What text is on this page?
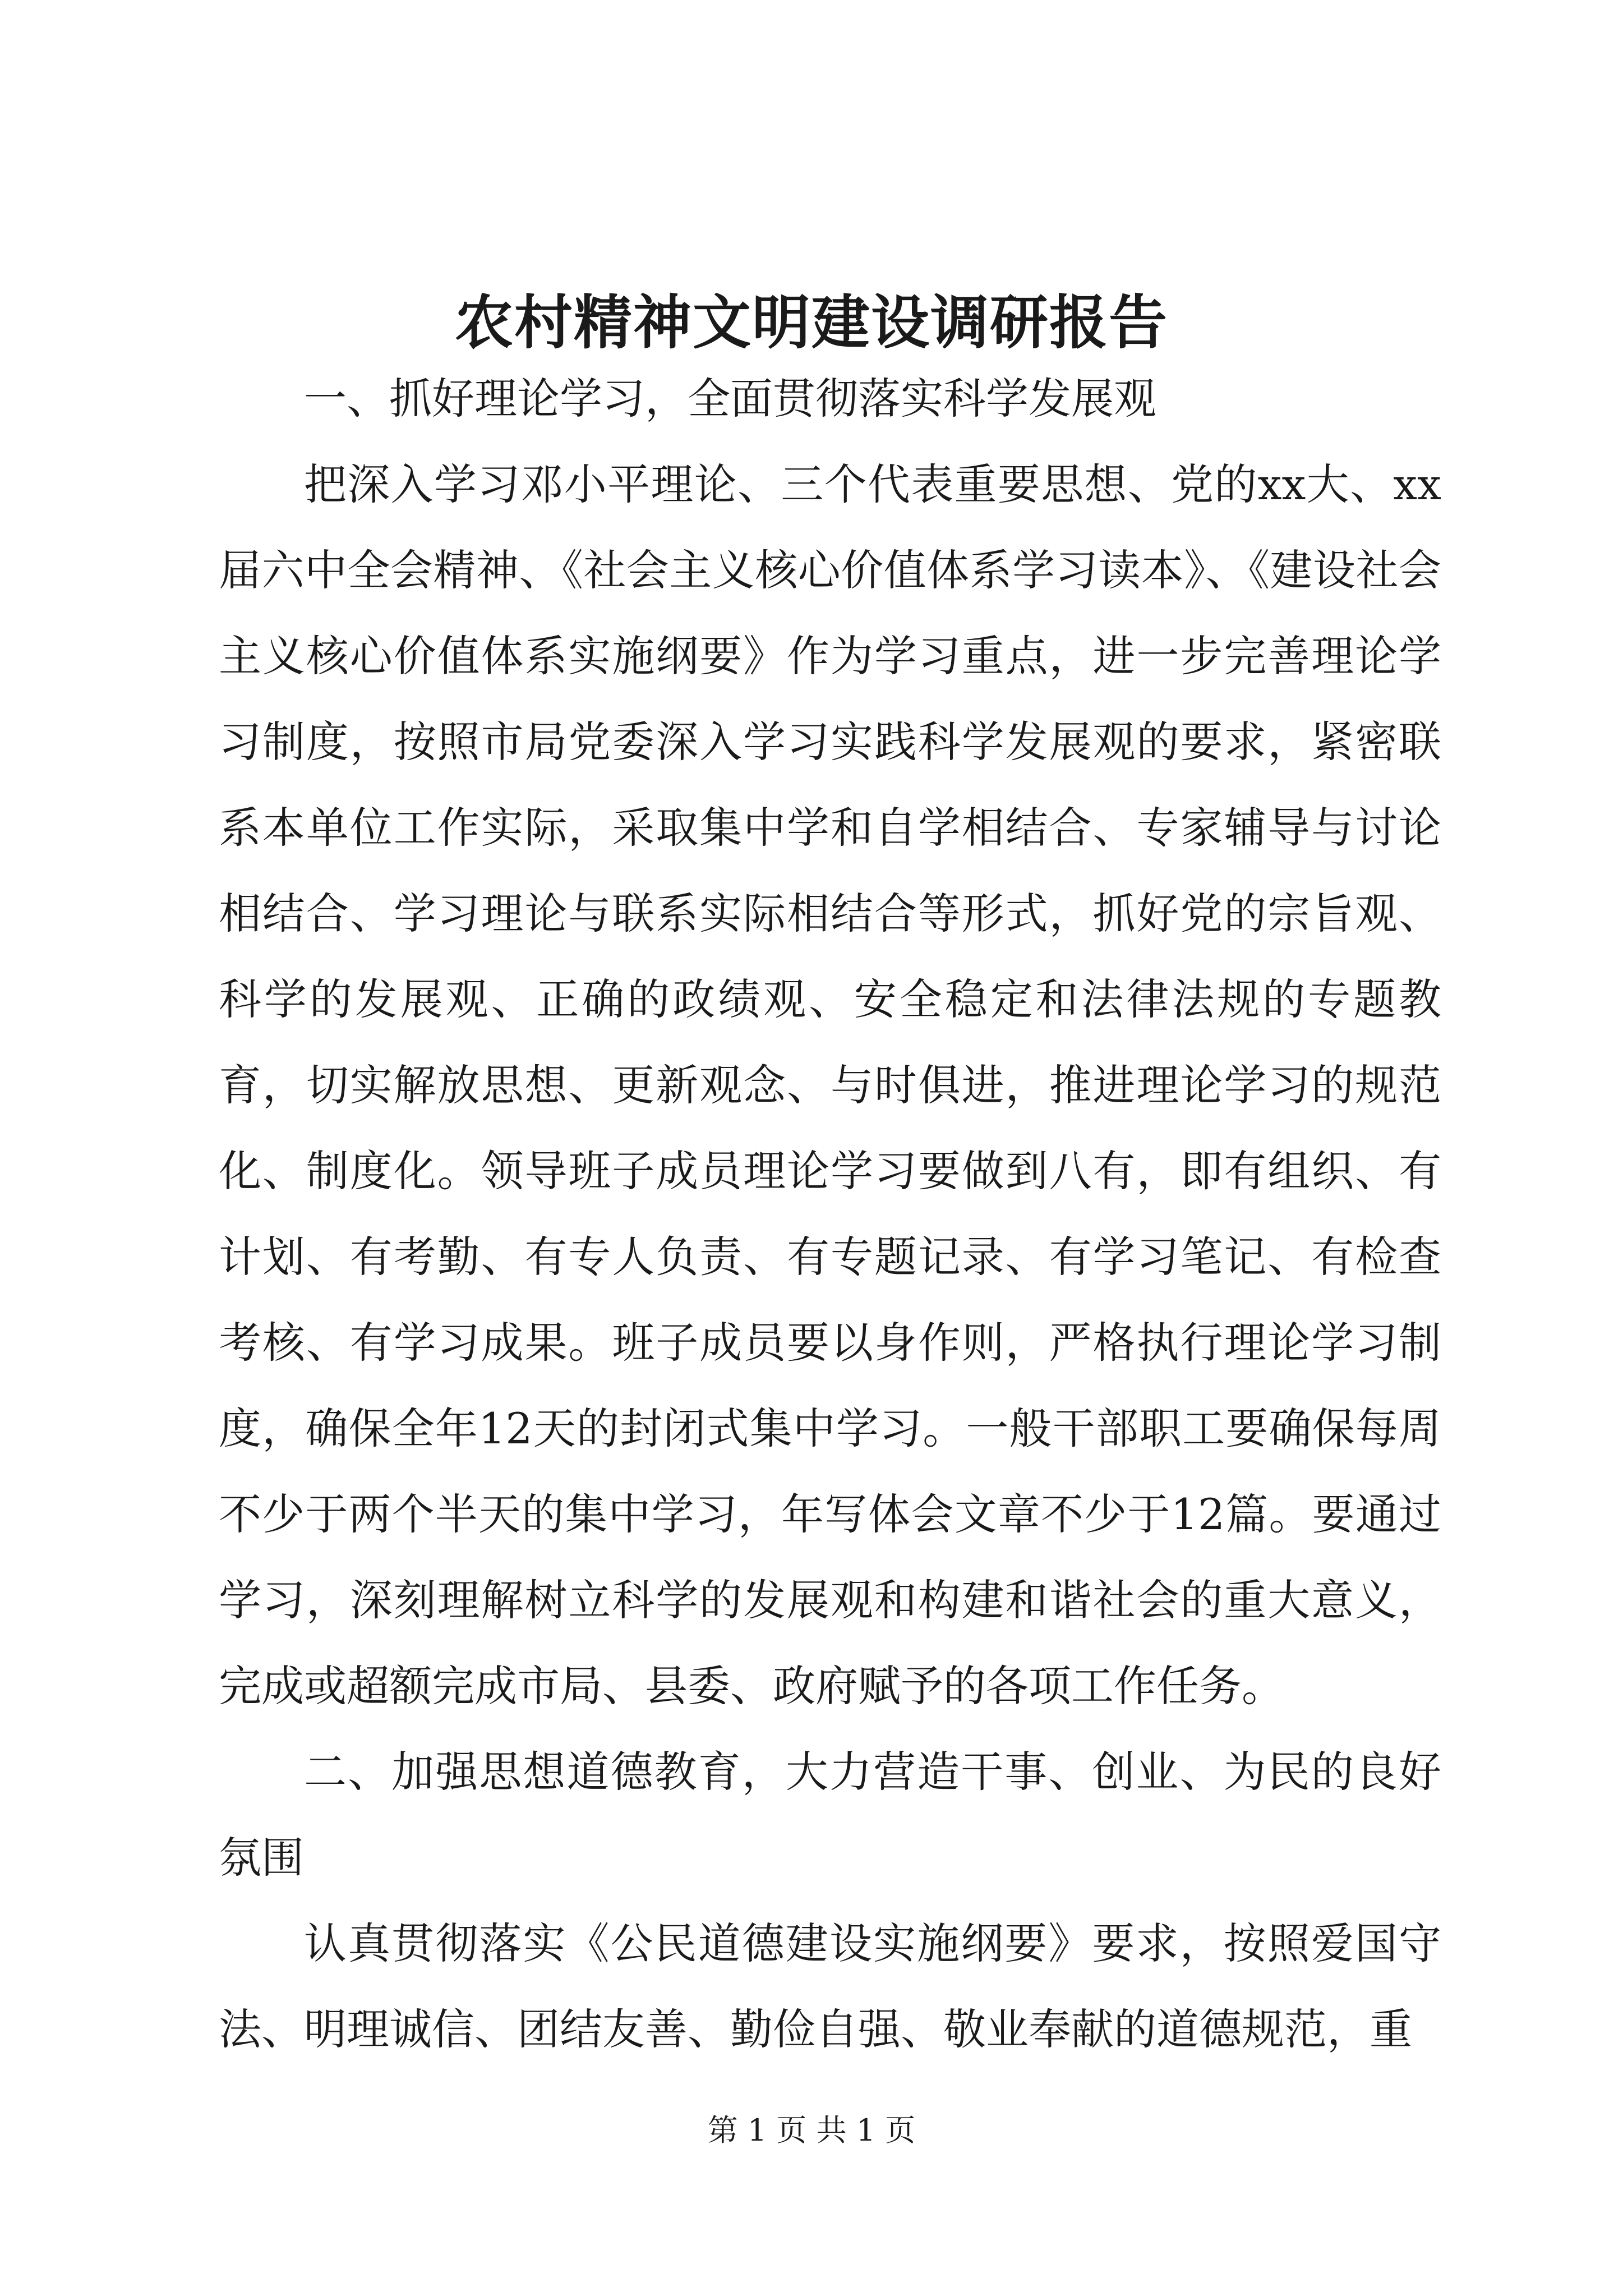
农村精神文明建设调研报告

一、抓好理论学习，全面贯彻落实科学发展观

把深入学习邓小平理论、三个代表重要思想、党的xx大、xx届六中全会精神、《社会主义核心价值体系学习读本》、《建设社会主义核心价值体系实施纲要》作为学习重点，进一步完善理论学习制度，按照市局党委深入学习实践科学发展观的要求，紧密联系本单位工作实际，采取集中学和自学相结合、专家辅导与讨论相结合、学习理论与联系实际相结合等形式，抓好党的宗旨观、科学的发展观、正确的政绩观、安全稳定和法律法规的专题教育，切实解放思想、更新观念、与时俱进，推进理论学习的规范化、制度化。领导班子成员理论学习要做到八有，即有组织、有计划、有考勤、有专人负责、有专题记录、有学习笔记、有检查考核、有学习成果。班子成员要以身作则，严格执行理论学习制度，确保全年12天的封闭式集中学习。一般干部职工要确保每周不少于两个半天的集中学习，年写体会文章不少于12篇。要通过学习，深刻理解树立科学的发展观和构建和谐社会的重大意义，完成或超额完成市局、县委、政府赋予的各项工作任务。

二、加强思想道德教育，大力营造干事、创业、为民的良好氛围

认真贯彻落实《公民道德建设实施纲要》要求，按照爱国守法、明理诚信、团结友善、勤俭自强、敬业奉献的道德规范，重

第 1 页 共 1 页
